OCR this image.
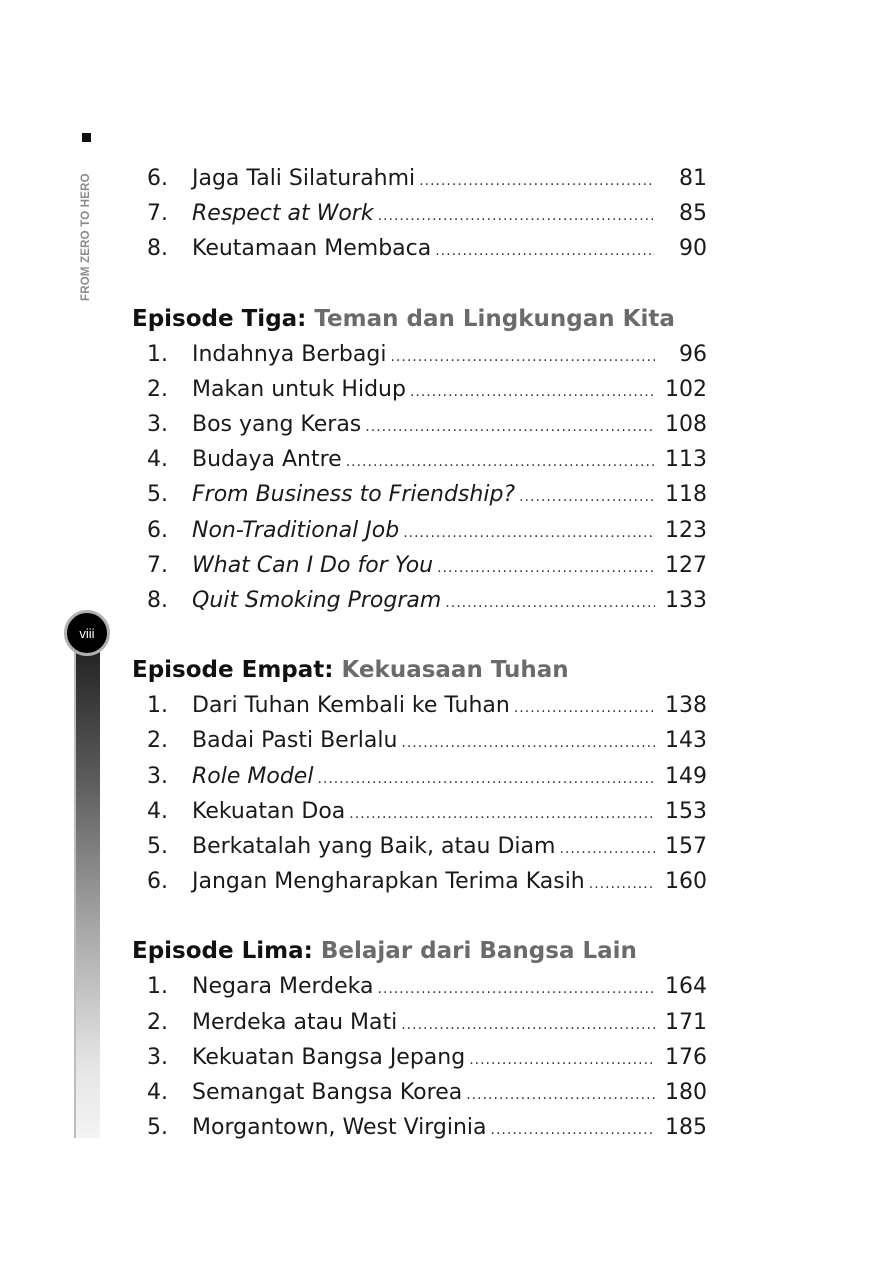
FROM ZERO TO HERO
viii
6.	Jaga Tali Silaturahmi .....	81
7.	Respect at Work .....	85
8.	Keutamaan Membaca .....	90
Episode Tiga: Teman dan Lingkungan Kita
1.	Indahnya Berbagi .....	96
2.	Makan untuk Hidup .....	102
3.	Bos yang Keras .....	108
4.	Budaya Antre .....	113
5.	From Business to Friendship? .....	118
6.	Non-Traditional Job .....	123
7.	What Can I Do for You .....	127
8.	Quit Smoking Program .....	133
Episode Empat: Kekuasaan Tuhan
1.	Dari Tuhan Kembali ke Tuhan .....	138
2.	Badai Pasti Berlalu .....	143
3.	Role Model .....	149
4.	Kekuatan Doa .....	153
5.	Berkatalah yang Baik, atau Diam .....	157
6.	Jangan Mengharapkan Terima Kasih .....	160
Episode Lima: Belajar dari Bangsa Lain
1.	Negara Merdeka .....	164
2.	Merdeka atau Mati .....	171
3.	Kekuatan Bangsa Jepang .....	176
4.	Semangat Bangsa Korea .....	180
5.	Morgantown, West Virginia .....	185
